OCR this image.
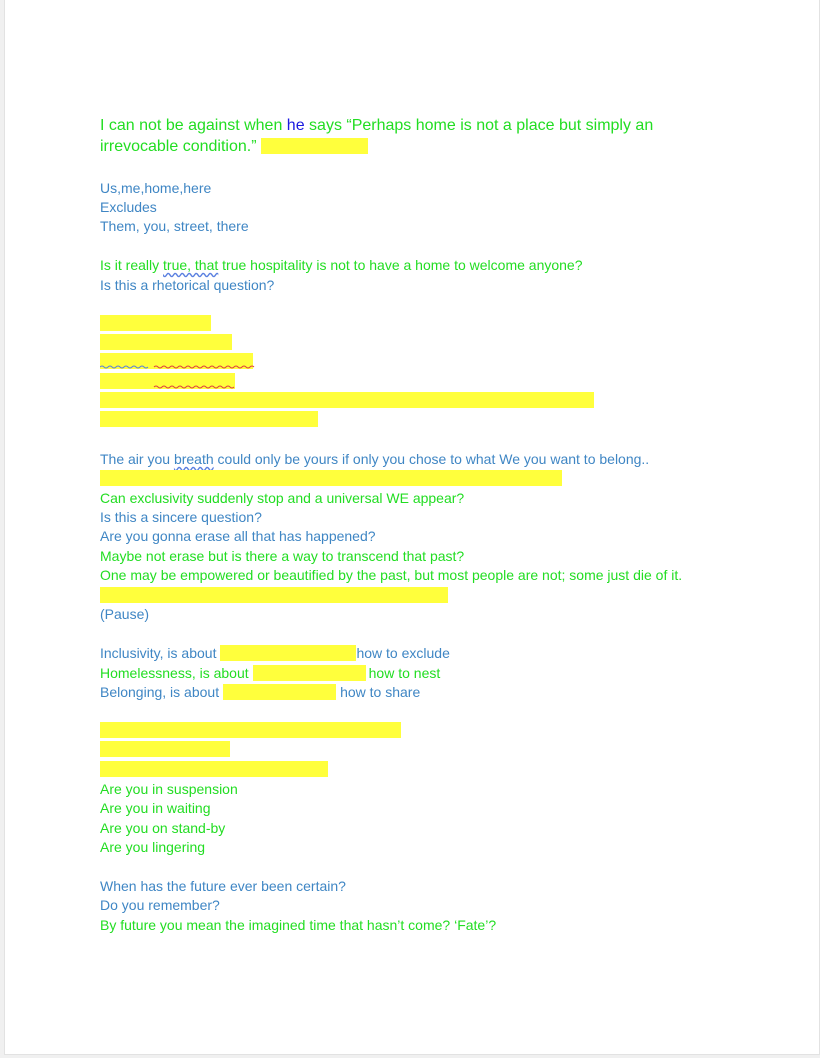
I can not be against when he says “Perhaps home is not a place but simply an
irrevocable condition.”
Us,me,home,here
Excludes
Them, you, street, there
Is it really true, that true hospitality is not to have a home to welcome anyone?
Is this a rhetorical question?
The air you breath could only be yours if only you chose to what We you want to belong..
Can exclusivity suddenly stop and a universal WE appear?
Is this a sincere question?
Are you gonna erase all that has happened?
Maybe not erase but is there a way to transcend that past?
One may be empowered or beautified by the past, but most people are not; some just die of it.
(Pause)
Inclusivity, is about	how to exclude
Homelessness, is about	how to nest
Belonging, is about	how to share
Are you in suspension
Are you in waiting
Are you on stand-by
Are you lingering
When has the future ever been certain?
Do you remember?
By future you mean the imagined time that hasn’t come? ‘Fate’?
